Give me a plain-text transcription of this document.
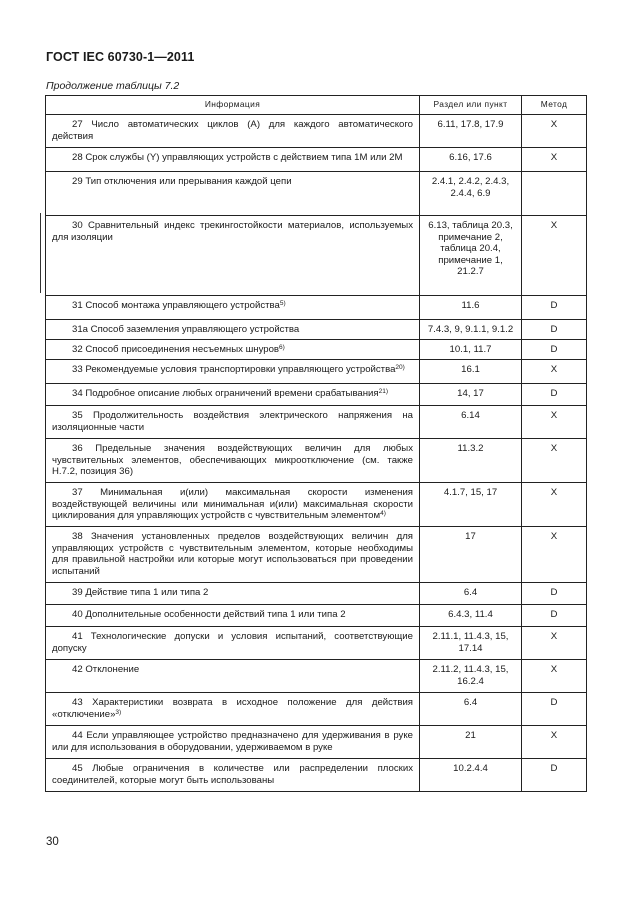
ГОСТ IEC 60730-1—2011
Продолжение таблицы 7.2
Информация	Раздел или пункт	Метод
27 Число автоматических циклов (А) для каждого автоматического действия	6.11, 17.8, 17.9	X
28 Срок службы (Y) управляющих устройств с действием типа 1М или 2М	6.16, 17.6	X
29 Тип отключения или прерывания каждой цепи	2.4.1, 2.4.2, 2.4.3, 2.4.4, 6.9	
30 Сравнительный индекс трекингостойкости материалов, используемых для изоляции	6.13, таблица 20.3, примечание 2, таблица 20.4, примечание 1, 21.2.7	X
31 Способ монтажа управляющего устройства$^{5)}$	11.6	D
31а Способ заземления управляющего устройства	7.4.3, 9, 9.1.1, 9.1.2	D
32 Способ присоединения несъемных шнуров$^{6)}$	10.1, 11.7	D
33 Рекомендуемые условия транспортировки управляющего устройства$^{20)}$	16.1	X
34 Подробное описание любых ограничений времени срабатывания$^{21)}$	14, 17	D
35 Продолжительность воздействия электрического напряжения на изоляционные части	6.14	X
36 Предельные значения воздействующих величин для любых чувствительных элементов, обеспечивающих микроотключение (см. также Н.7.2, позиция 36)	11.3.2	X
37 Минимальная и(или) максимальная скорости изменения воздействующей величины или минимальная и(или) максимальная скорости циклирования для управляющих устройств с чувствительным элементом$^{4)}$	4.1.7, 15, 17	X
38 Значения установленных пределов воздействующих величин для управляющих устройств с чувствительным элементом, которые необходимы для правильной настройки или которые могут использоваться при проведении испытаний	17	X
39 Действие типа 1 или типа 2	6.4	D
40 Дополнительные особенности действий типа 1 или типа 2	6.4.3, 11.4	D
41 Технологические допуски и условия испытаний, соответствующие допуску	2.11.1, 11.4.3, 15, 17.14	X
42 Отклонение	2.11.2, 11.4.3, 15, 16.2.4	X
43 Характеристики возврата в исходное положение для действия «отключение»$^{3)}$	6.4	D
44 Если управляющее устройство предназначено для удерживания в руке или для использования в оборудовании, удерживаемом в руке	21	X
45 Любые ограничения в количестве или распределении плоских соединителей, которые могут быть использованы	10.2.4.4	D
30
